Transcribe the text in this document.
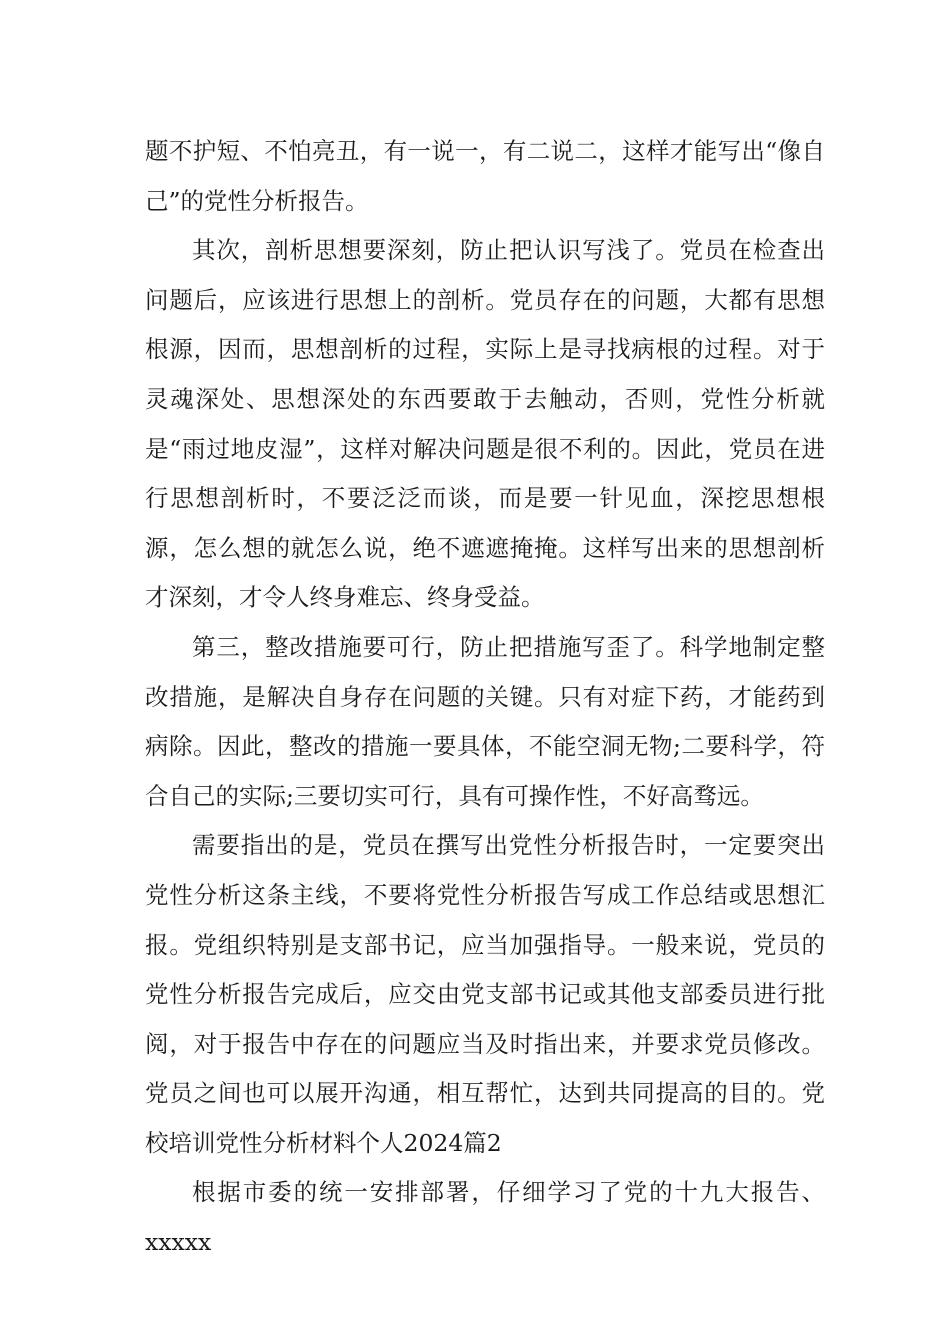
题不护短、不怕亮丑，有一说一，有二说二，这样才能写出“像自己”的党性分析报告。

其次，剖析思想要深刻，防止把认识写浅了。党员在检查出问题后，应该进行思想上的剖析。党员存在的问题，大都有思想根源，因而，思想剖析的过程，实际上是寻找病根的过程。对于灵魂深处、思想深处的东西要敢于去触动，否则，党性分析就是“雨过地皮湿”，这样对解决问题是很不利的。因此，党员在进行思想剖析时，不要泛泛而谈，而是要一针见血，深挖思想根源，怎么想的就怎么说，绝不遮遮掩掩。这样写出来的思想剖析才深刻，才令人终身难忘、终身受益。

第三，整改措施要可行，防止把措施写歪了。科学地制定整改措施，是解决自身存在问题的关键。只有对症下药，才能药到病除。因此，整改的措施一要具体，不能空洞无物;二要科学，符合自己的实际;三要切实可行，具有可操作性，不好高骛远。

需要指出的是，党员在撰写出党性分析报告时，一定要突出党性分析这条主线，不要将党性分析报告写成工作总结或思想汇报。党组织特别是支部书记，应当加强指导。一般来说，党员的党性分析报告完成后，应交由党支部书记或其他支部委员进行批阅，对于报告中存在的问题应当及时指出来，并要求党员修改。党员之间也可以展开沟通，相互帮忙，达到共同提高的目的。党校培训党性分析材料个人2024篇2

根据市委的统一安排部署，仔细学习了党的十九大报告、xxxxx
